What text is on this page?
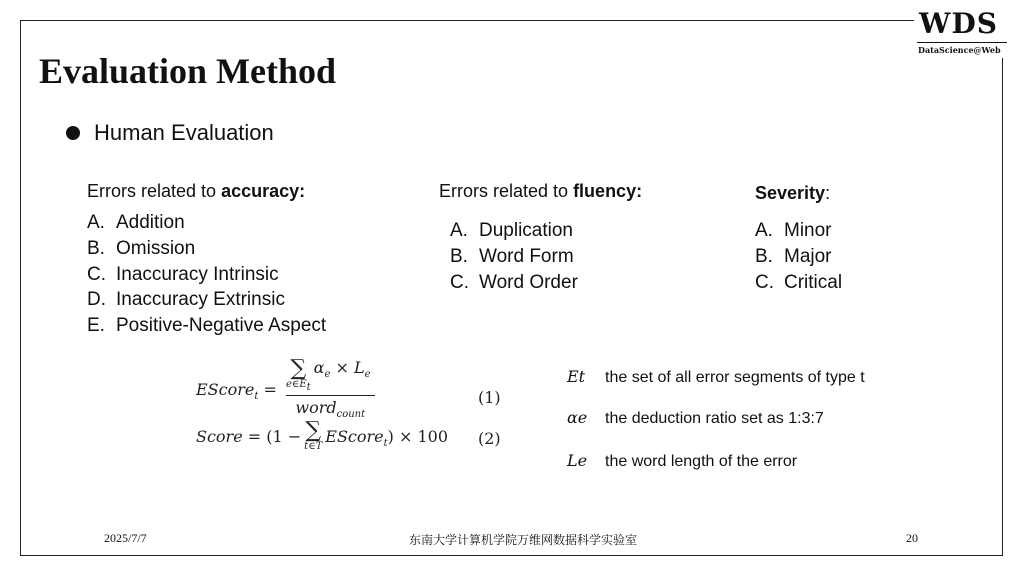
WDS
DataScience@Web
Evaluation Method
Human Evaluation
Errors related to accuracy:
A. Addition
B. Omission
C. Inaccuracy Intrinsic
D. Inaccuracy Extrinsic
E. Positive-Negative Aspect
Errors related to fluency:
A. Duplication
B. Word Form
C. Word Order
Severity:
A. Minor
B. Major
C. Critical
EScore$_t$ =
∑
$e\in E_t$
$\alpha_e \times L_e$
word$_{count}$
(1)
Score = (1 − ∑
t∈T
EScore$_t$) × 100 (2)
Et the set of all error segments of type t
αe the deduction ratio set as 1:3:7
Le the word length of the error
2025/7/7	东南大学计算机学院万维网数据科学实验室	20
